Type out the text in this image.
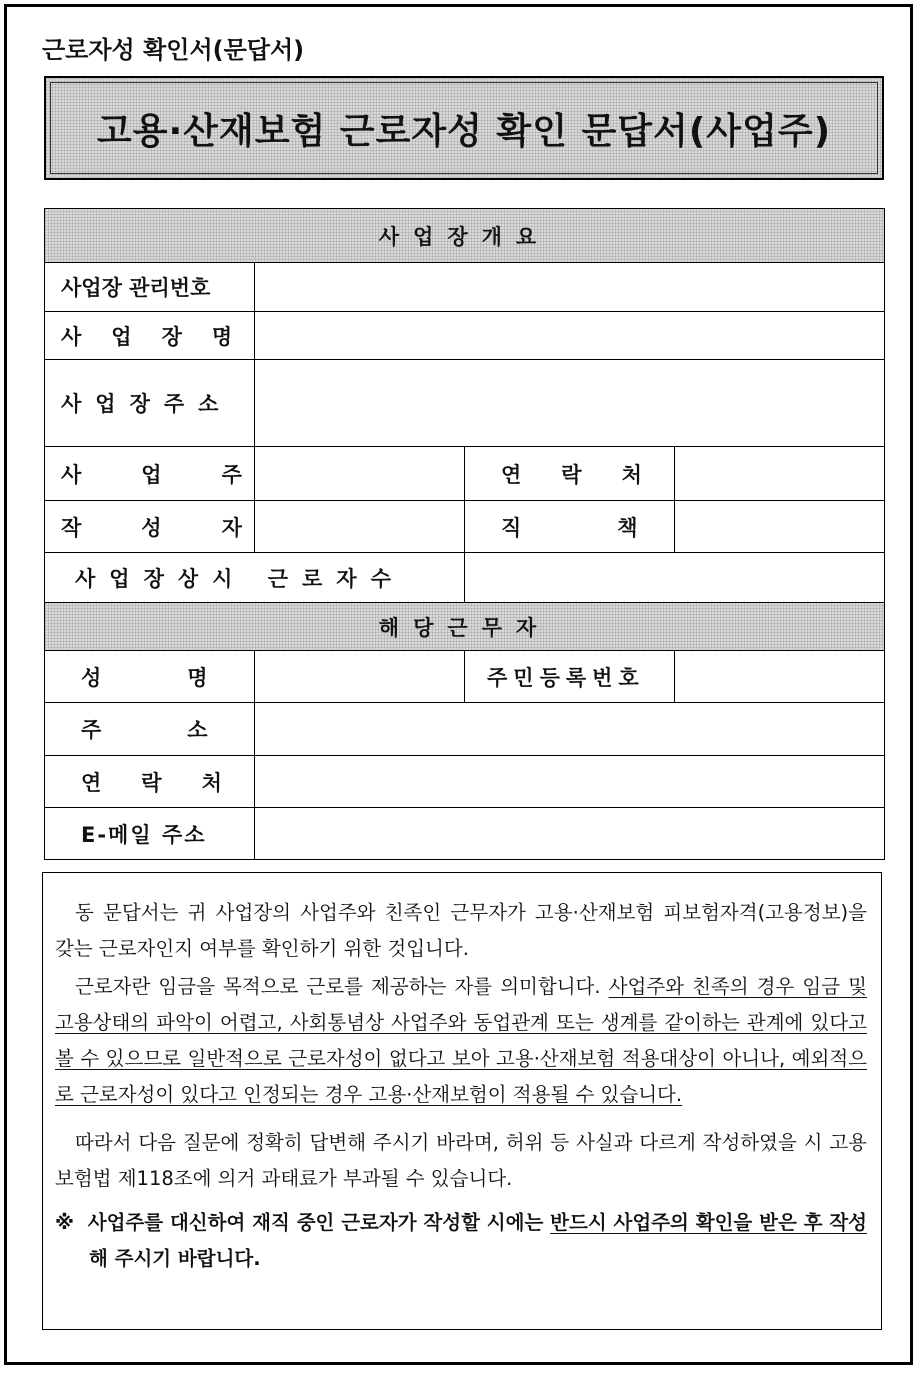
근로자성 확인서(문답서)
고용·산재보험 근로자성 확인 문답서(사업주)
사업장개요			
사업장 관리번호			
사업장명			
사업장주소			
사업주		연락처	
작성자		직책	
사업장상시 근로자수			
해당근무자			
성명		주민등록번호	
주소			
연락처			
E-메일 주소			

동 문답서는 귀 사업장의 사업주와 친족인 근무자가 고용·산재보험 피보험자격(고용정보)을 갖는 근로자인지 여부를 확인하기 위한 것입니다.

근로자란 임금을 목적으로 근로를 제공하는 자를 의미합니다. 사업주와 친족의 경우 임금 및 고용상태의 파악이 어렵고, 사회통념상 사업주와 동업관계 또는 생계를 같이하는 관계에 있다고 볼 수 있으므로 일반적으로 근로자성이 없다고 보아 고용·산재보험 적용대상이 아니나, 예외적으로 근로자성이 있다고 인정되는 경우 고용·산재보험이 적용될 수 있습니다.

따라서 다음 질문에 정확히 답변해 주시기 바라며, 허위 등 사실과 다르게 작성하였을 시 고용보험법 제118조에 의거 과태료가 부과될 수 있습니다.

※ 사업주를 대신하여 재직 중인 근로자가 작성할 시에는 반드시 사업주의 확인을 받은 후 작성해 주시기 바랍니다.
